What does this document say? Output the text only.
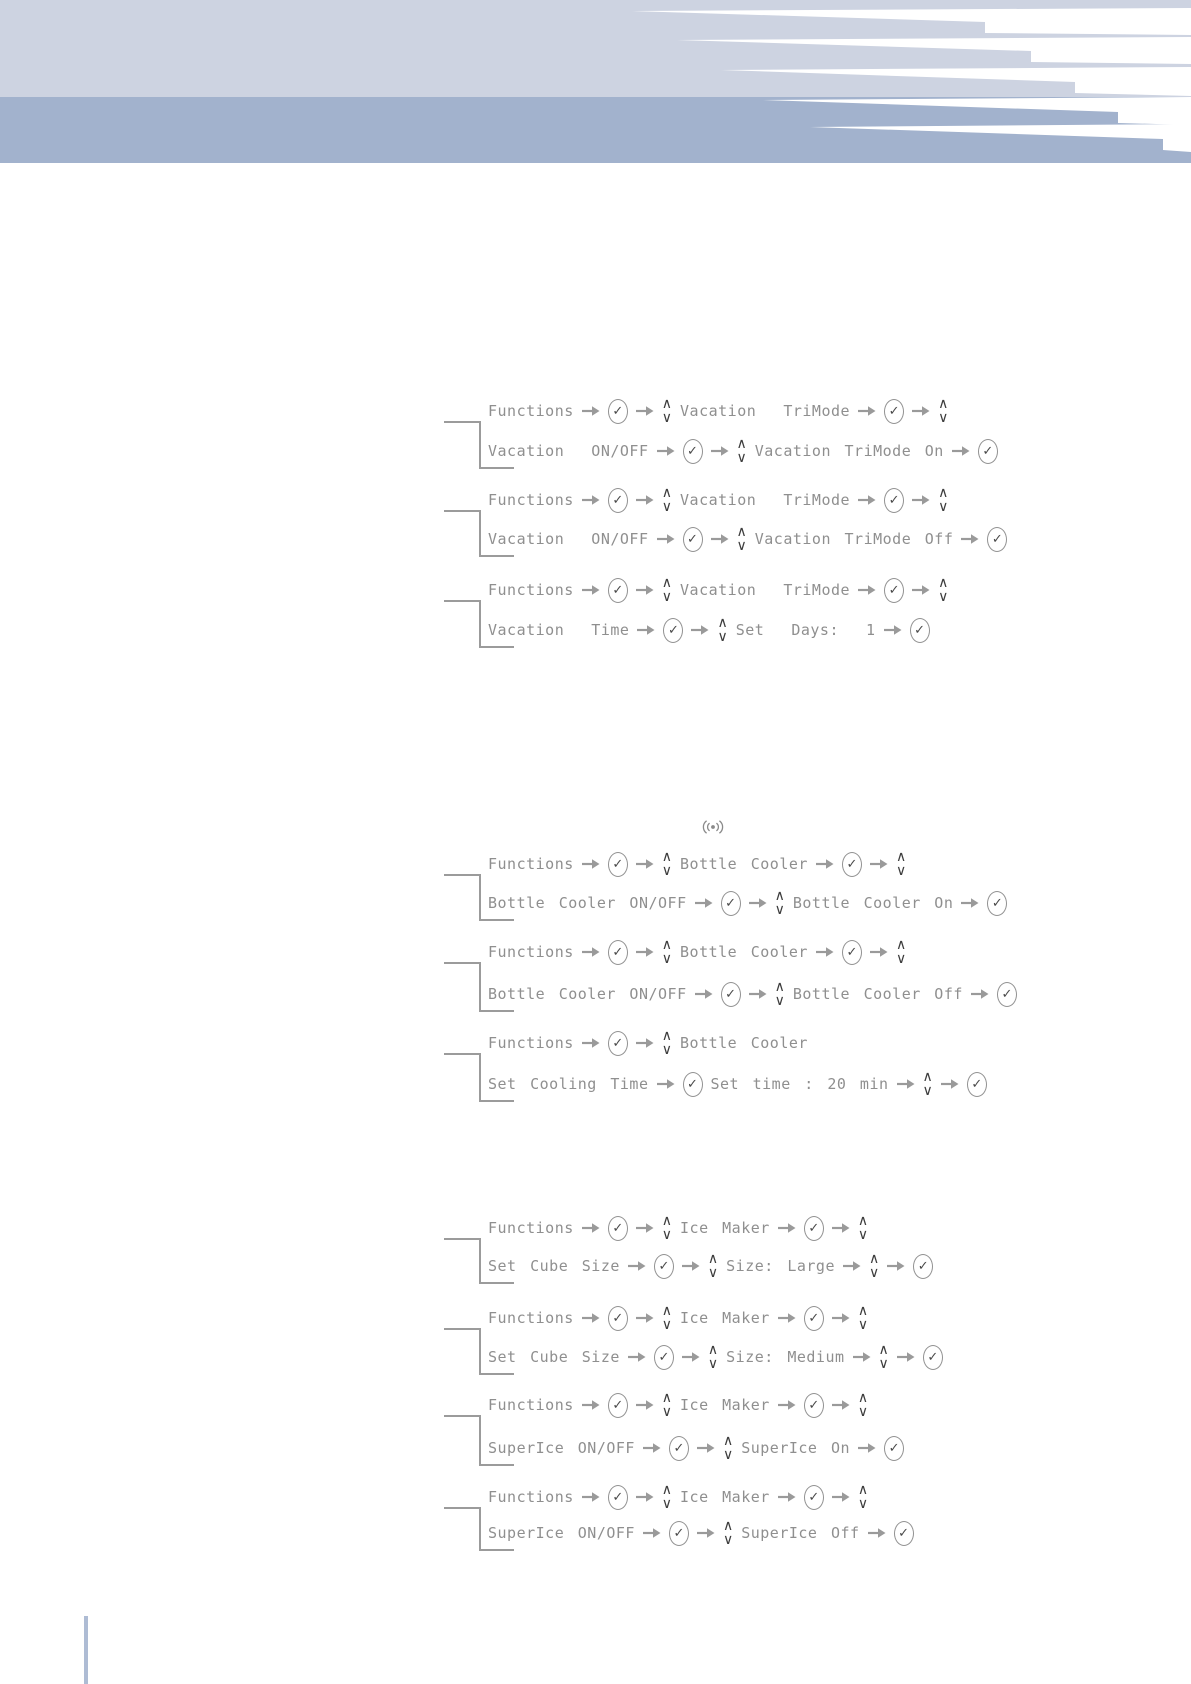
Functions	✓	∧
∨ Vacation  TriMode	✓	∧
∨
Vacation  ON/OFF	✓	∧
∨ Vacation TriMode On	✓
Functions	✓	∧
∨ Vacation  TriMode	✓	∧
∨
Vacation  ON/OFF	✓	∧
∨ Vacation TriMode Off	✓
Functions	✓	∧
∨ Vacation  TriMode	✓	∧
∨
Vacation  Time	✓	∧
∨ Set  Days:  1	✓
Functions	✓	∧
∨ Bottle Cooler	✓	∧
∨
Bottle Cooler ON/OFF	✓	∧
∨ Bottle Cooler On	✓
Functions	✓	∧
∨ Bottle Cooler	✓	∧
∨
Bottle Cooler ON/OFF	✓	∧
∨ Bottle Cooler Off	✓
Functions	✓	∧
∨ Bottle Cooler
Set Cooling Time	✓ Set time : 20 min ∧
∨	✓
Functions	✓	∧
∨ Ice Maker	✓	∧
∨
Set Cube Size	✓	∧
∨ Size: Large ∧
∨	✓
Functions	✓	∧
∨ Ice Maker	✓	∧
∨
Set Cube Size	✓	∧
∨ Size: Medium ∧
∨	✓
Functions	✓	∧
∨ Ice Maker	✓	∧
∨
SuperIce ON/OFF	✓	∧
∨ SuperIce On	✓
Functions	✓	∧
∨ Ice Maker	✓	∧
∨
SuperIce ON/OFF	✓	∧
∨ SuperIce Off	✓
